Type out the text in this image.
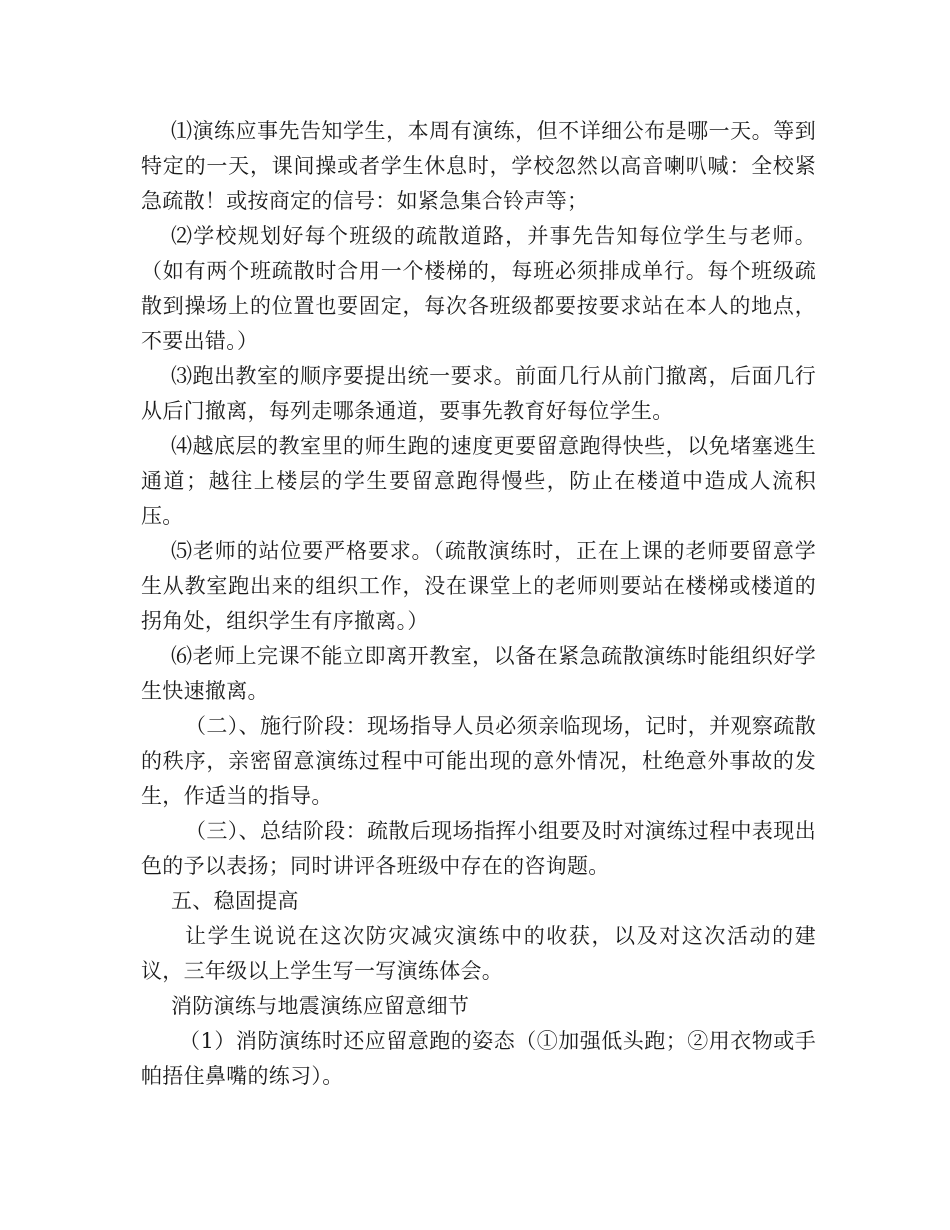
⑴演练应事先告知学生，本周有演练，但不详细公布是哪一天。等到特定的一天，课间操或者学生休息时，学校忽然以高音喇叭喊：全校紧急疏散！或按商定的信号：如紧急集合铃声等；

⑵学校规划好每个班级的疏散道路，并事先告知每位学生与老师。（如有两个班疏散时合用一个楼梯的，每班必须排成单行。每个班级疏散到操场上的位置也要固定，每次各班级都要按要求站在本人的地点，不要出错。）

⑶跑出教室的顺序要提出统一要求。前面几行从前门撤离，后面几行从后门撤离，每列走哪条通道，要事先教育好每位学生。

⑷越底层的教室里的师生跑的速度更要留意跑得快些，以免堵塞逃生通道；越往上楼层的学生要留意跑得慢些，防止在楼道中造成人流积压。

⑸老师的站位要严格要求。（疏散演练时，正在上课的老师要留意学生从教室跑出来的组织工作，没在课堂上的老师则要站在楼梯或楼道的拐角处，组织学生有序撤离。）

⑹老师上完课不能立即离开教室，以备在紧急疏散演练时能组织好学生快速撤离。

（二）、施行阶段：现场指导人员必须亲临现场，记时，并观察疏散的秩序，亲密留意演练过程中可能出现的意外情况，杜绝意外事故的发生，作适当的指导。

（三）、总结阶段：疏散后现场指挥小组要及时对演练过程中表现出色的予以表扬；同时讲评各班级中存在的咨询题。

五、稳固提高

让学生说说在这次防灾减灾演练中的收获，以及对这次活动的建议，三年级以上学生写一写演练体会。

消防演练与地震演练应留意细节

（1）消防演练时还应留意跑的姿态（①加强低头跑；②用衣物或手帕捂住鼻嘴的练习）。
